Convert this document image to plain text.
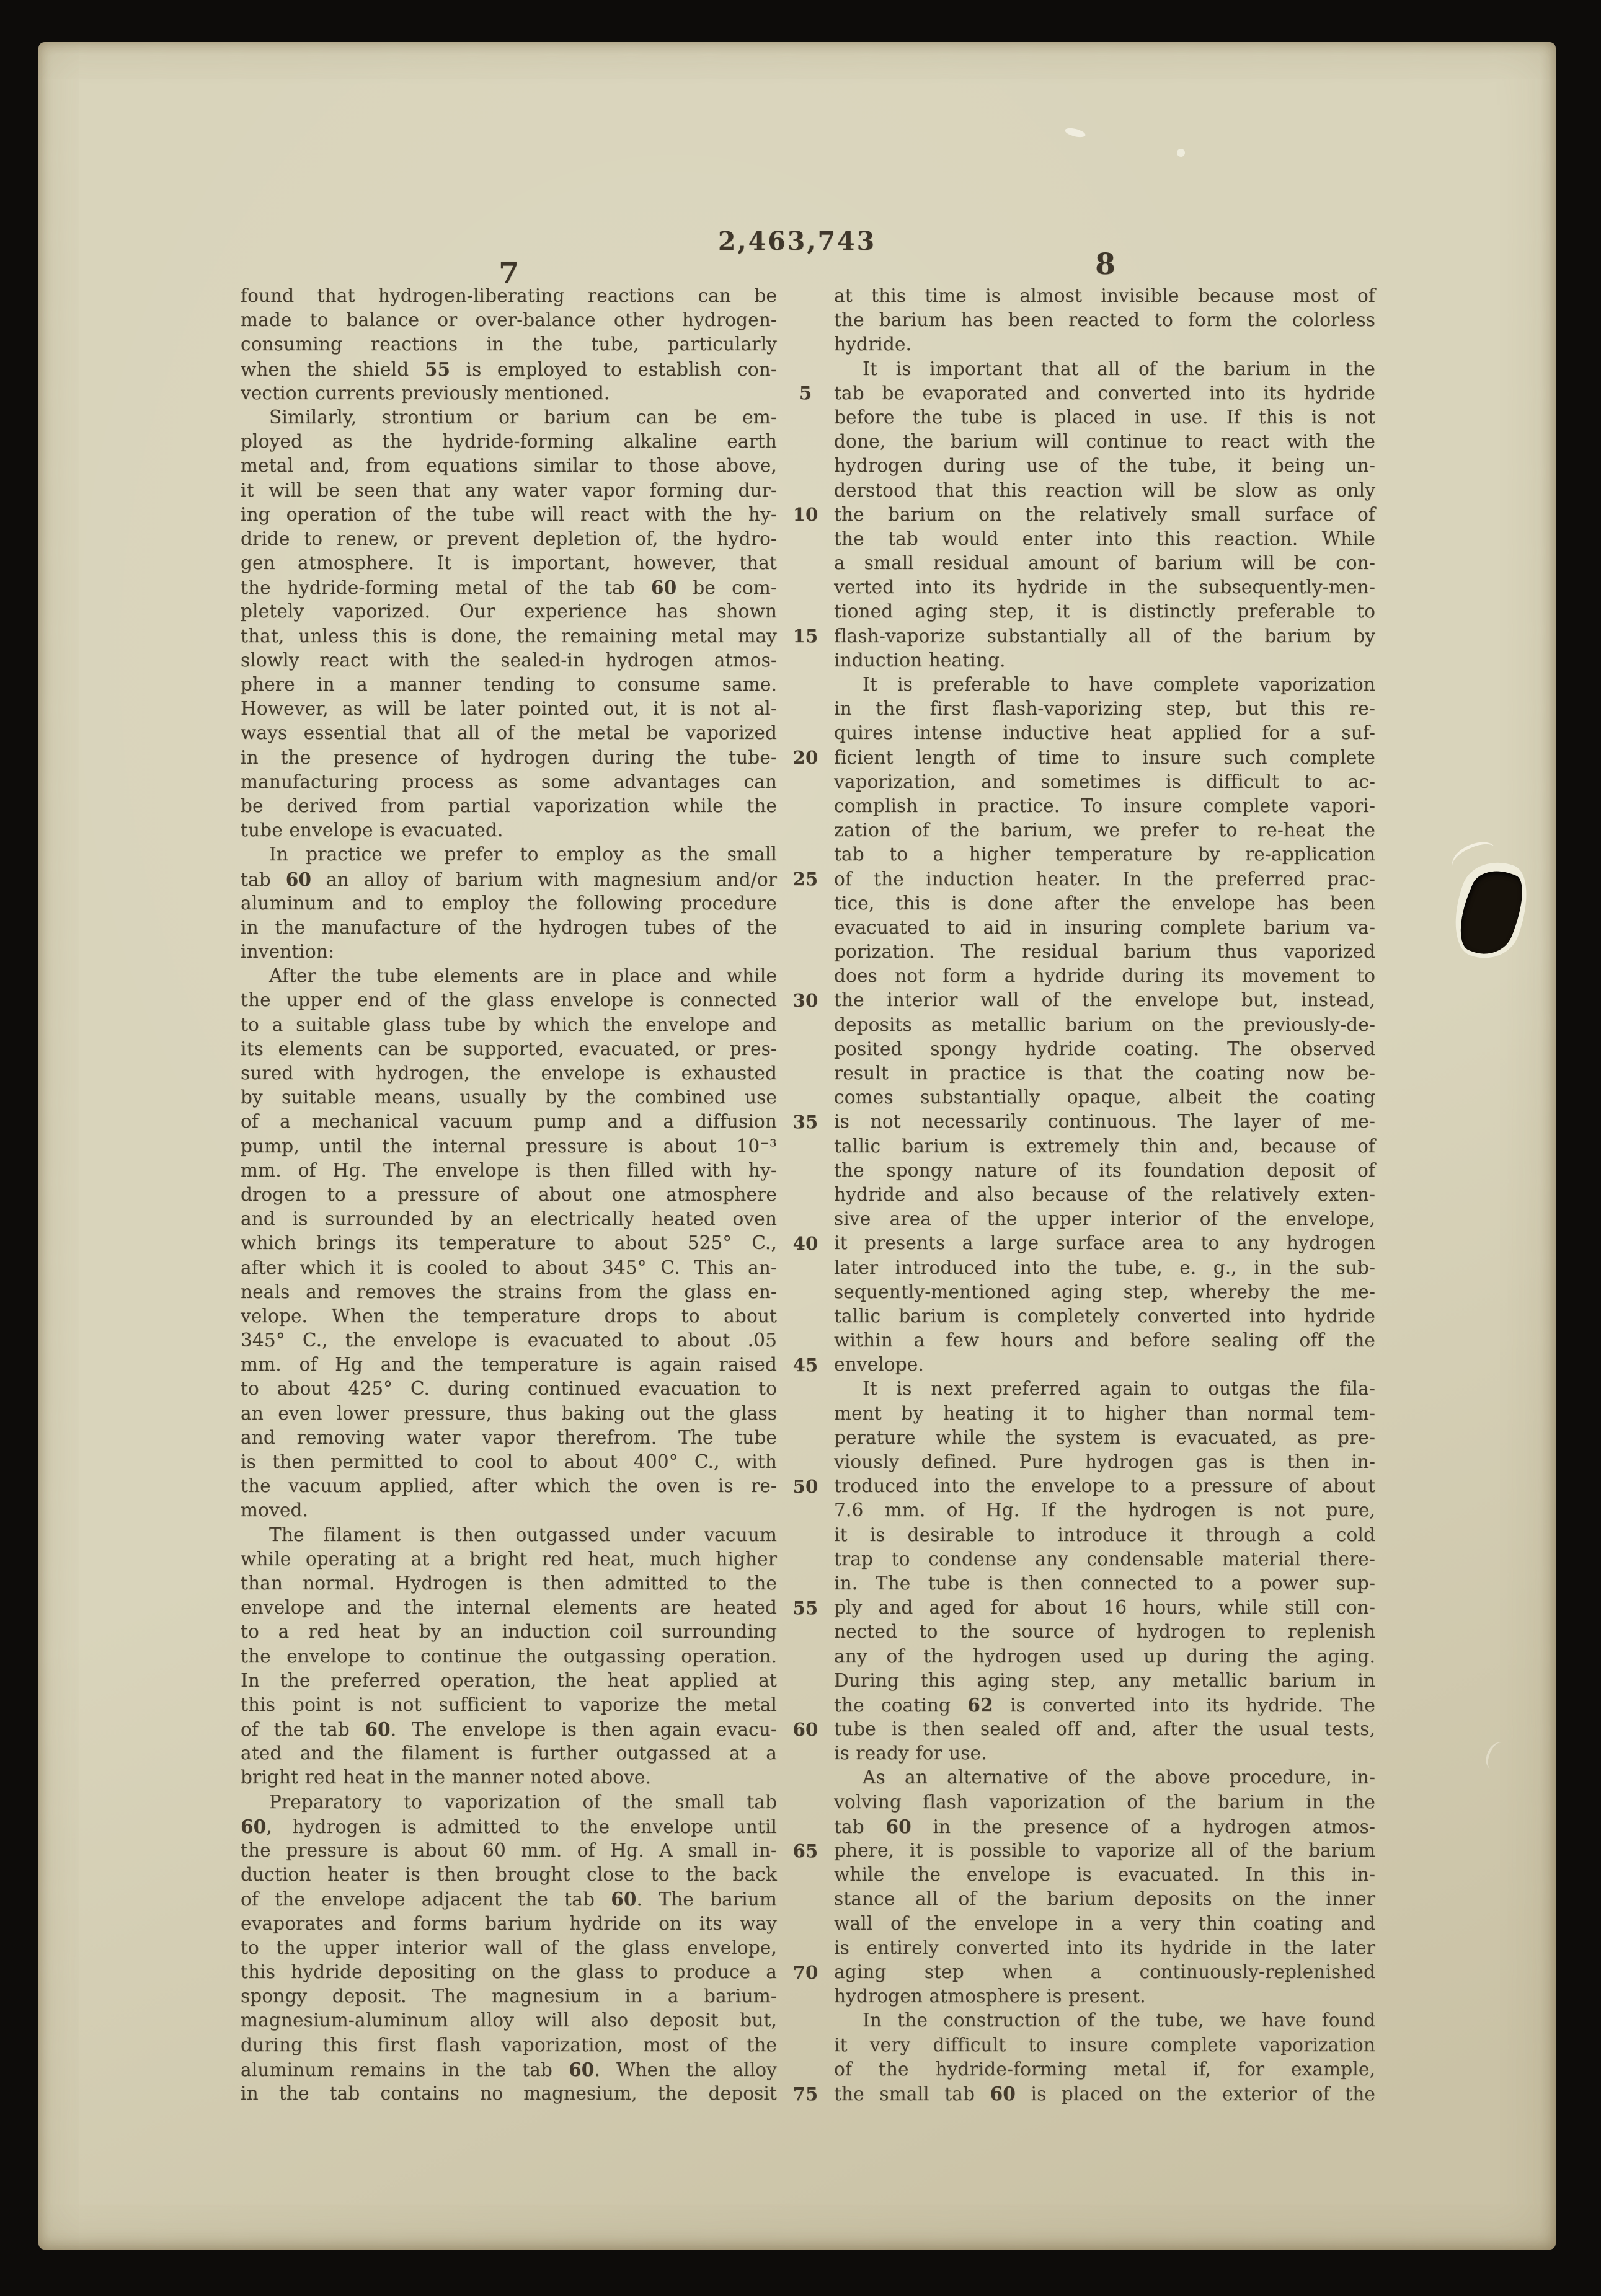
2,463,743
7	8
found that hydrogen-liberating reactions can be
made to balance or over-balance other hydrogen-
consuming reactions in the tube, particularly
when the shield 55 is employed to establish con-
vection currents previously mentioned.
Similarly, strontium or barium can be em-
ployed as the hydride-forming alkaline earth
metal and, from equations similar to those above,
it will be seen that any water vapor forming dur-
ing operation of the tube will react with the hy-
dride to renew, or prevent depletion of, the hydro-
gen atmosphere. It is important, however, that
the hydride-forming metal of the tab 60 be com-
pletely vaporized. Our experience has shown
that, unless this is done, the remaining metal may
slowly react with the sealed-in hydrogen atmos-
phere in a manner tending to consume same.
However, as will be later pointed out, it is not al-
ways essential that all of the metal be vaporized
in the presence of hydrogen during the tube-
manufacturing process as some advantages can
be derived from partial vaporization while the
tube envelope is evacuated.
In practice we prefer to employ as the small
tab 60 an alloy of barium with magnesium and/or
aluminum and to employ the following procedure
in the manufacture of the hydrogen tubes of the
invention:
After the tube elements are in place and while
the upper end of the glass envelope is connected
to a suitable glass tube by which the envelope and
its elements can be supported, evacuated, or pres-
sured with hydrogen, the envelope is exhausted
by suitable means, usually by the combined use
of a mechanical vacuum pump and a diffusion
pump, until the internal pressure is about 10⁻³
mm. of Hg. The envelope is then filled with hy-
drogen to a pressure of about one atmosphere
and is surrounded by an electrically heated oven
which brings its temperature to about 525° C.,
after which it is cooled to about 345° C. This an-
neals and removes the strains from the glass en-
velope. When the temperature drops to about
345° C., the envelope is evacuated to about .05
mm. of Hg and the temperature is again raised
to about 425° C. during continued evacuation to
an even lower pressure, thus baking out the glass
and removing water vapor therefrom. The tube
is then permitted to cool to about 400° C., with
the vacuum applied, after which the oven is re-
moved.
The filament is then outgassed under vacuum
while operating at a bright red heat, much higher
than normal. Hydrogen is then admitted to the
envelope and the internal elements are heated
to a red heat by an induction coil surrounding
the envelope to continue the outgassing operation.
In the preferred operation, the heat applied at
this point is not sufficient to vaporize the metal
of the tab 60. The envelope is then again evacu-
ated and the filament is further outgassed at a
bright red heat in the manner noted above.
Preparatory to vaporization of the small tab
60, hydrogen is admitted to the envelope until
the pressure is about 60 mm. of Hg. A small in-
duction heater is then brought close to the back
of the envelope adjacent the tab 60. The barium
evaporates and forms barium hydride on its way
to the upper interior wall of the glass envelope,
this hydride depositing on the glass to produce a
spongy deposit. The magnesium in a barium-
magnesium-aluminum alloy will also deposit but,
during this first flash vaporization, most of the
aluminum remains in the tab 60. When the alloy
in the tab contains no magnesium, the deposit
5
10
15
20
25
30
35
40
45
50
55
60
65
70
75
at this time is almost invisible because most of
the barium has been reacted to form the colorless
hydride.
It is important that all of the barium in the
tab be evaporated and converted into its hydride
before the tube is placed in use. If this is not
done, the barium will continue to react with the
hydrogen during use of the tube, it being un-
derstood that this reaction will be slow as only
the barium on the relatively small surface of
the tab would enter into this reaction. While
a small residual amount of barium will be con-
verted into its hydride in the subsequently-men-
tioned aging step, it is distinctly preferable to
flash-vaporize substantially all of the barium by
induction heating.
It is preferable to have complete vaporization
in the first flash-vaporizing step, but this re-
quires intense inductive heat applied for a suf-
ficient length of time to insure such complete
vaporization, and sometimes is difficult to ac-
complish in practice. To insure complete vapori-
zation of the barium, we prefer to re-heat the
tab to a higher temperature by re-application
of the induction heater. In the preferred prac-
tice, this is done after the envelope has been
evacuated to aid in insuring complete barium va-
porization. The residual barium thus vaporized
does not form a hydride during its movement to
the interior wall of the envelope but, instead,
deposits as metallic barium on the previously-de-
posited spongy hydride coating. The observed
result in practice is that the coating now be-
comes substantially opaque, albeit the coating
is not necessarily continuous. The layer of me-
tallic barium is extremely thin and, because of
the spongy nature of its foundation deposit of
hydride and also because of the relatively exten-
sive area of the upper interior of the envelope,
it presents a large surface area to any hydrogen
later introduced into the tube, e. g., in the sub-
sequently-mentioned aging step, whereby the me-
tallic barium is completely converted into hydride
within a few hours and before sealing off the
envelope.
It is next preferred again to outgas the fila-
ment by heating it to higher than normal tem-
perature while the system is evacuated, as pre-
viously defined. Pure hydrogen gas is then in-
troduced into the envelope to a pressure of about
7.6 mm. of Hg. If the hydrogen is not pure,
it is desirable to introduce it through a cold
trap to condense any condensable material there-
in. The tube is then connected to a power sup-
ply and aged for about 16 hours, while still con-
nected to the source of hydrogen to replenish
any of the hydrogen used up during the aging.
During this aging step, any metallic barium in
the coating 62 is converted into its hydride. The
tube is then sealed off and, after the usual tests,
is ready for use.
As an alternative of the above procedure, in-
volving flash vaporization of the barium in the
tab 60 in the presence of a hydrogen atmos-
phere, it is possible to vaporize all of the barium
while the envelope is evacuated. In this in-
stance all of the barium deposits on the inner
wall of the envelope in a very thin coating and
is entirely converted into its hydride in the later
aging step when a continuously-replenished
hydrogen atmosphere is present.
In the construction of the tube, we have found
it very difficult to insure complete vaporization
of the hydride-forming metal if, for example,
the small tab 60 is placed on the exterior of the
